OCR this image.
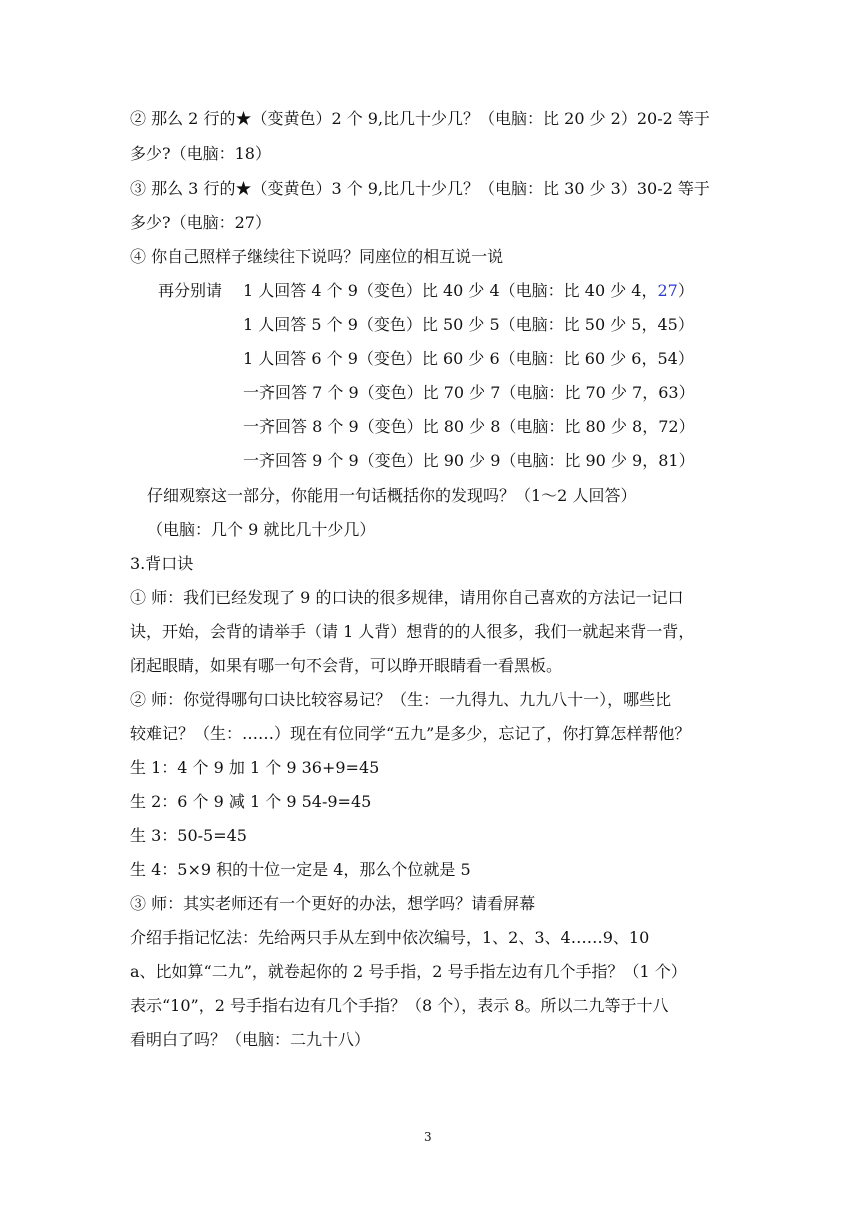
② 那么 2 行的★（变黄色）2 个 9,比几十少几？（电脑：比 20 少 2）20-2 等于
多少?（电脑：18）
③ 那么 3 行的★（变黄色）3 个 9,比几十少几？（电脑：比 30 少 3）30-2 等于
多少?（电脑：27）
④ 你自己照样子继续往下说吗？同座位的相互说一说
再分别请 1 人回答 4 个 9（变色）比 40 少 4（电脑：比 40 少 4，27）
1 人回答 5 个 9（变色）比 50 少 5（电脑：比 50 少 5，45）
1 人回答 6 个 9（变色）比 60 少 6（电脑：比 60 少 6，54）
一齐回答 7 个 9（变色）比 70 少 7（电脑：比 70 少 7，63）
一齐回答 8 个 9（变色）比 80 少 8（电脑：比 80 少 8，72）
一齐回答 9 个 9（变色）比 90 少 9（电脑：比 90 少 9，81）
仔细观察这一部分，你能用一句话概括你的发现吗？（1～2 人回答）
（电脑：几个 9 就比几十少几）
3.背口诀
① 师：我们已经发现了 9 的口诀的很多规律，请用你自己喜欢的方法记一记口
诀，开始，会背的请举手（请 1 人背）想背的的人很多，我们一就起来背一背，
闭起眼睛，如果有哪一句不会背，可以睁开眼睛看一看黑板。
② 师：你觉得哪句口诀比较容易记？（生：一九得九、九九八十一），哪些比
较难记？（生：……）现在有位同学“五九”是多少，忘记了，你打算怎样帮他？
生 1：4 个 9 加 1 个 9 36+9=45
生 2：6 个 9 减 1 个 9 54-9=45
生 3：50-5=45
生 4：5×9 积的十位一定是 4，那么个位就是 5
③ 师：其实老师还有一个更好的办法，想学吗？请看屏幕
介绍手指记忆法：先给两只手从左到中依次编号，1、2、3、4……9、10
a、比如算“二九”，就卷起你的 2 号手指，2 号手指左边有几个手指？（1 个）
表示“10”，2 号手指右边有几个手指？（8 个），表示 8。所以二九等于十八
看明白了吗？（电脑：二九十八）
3
